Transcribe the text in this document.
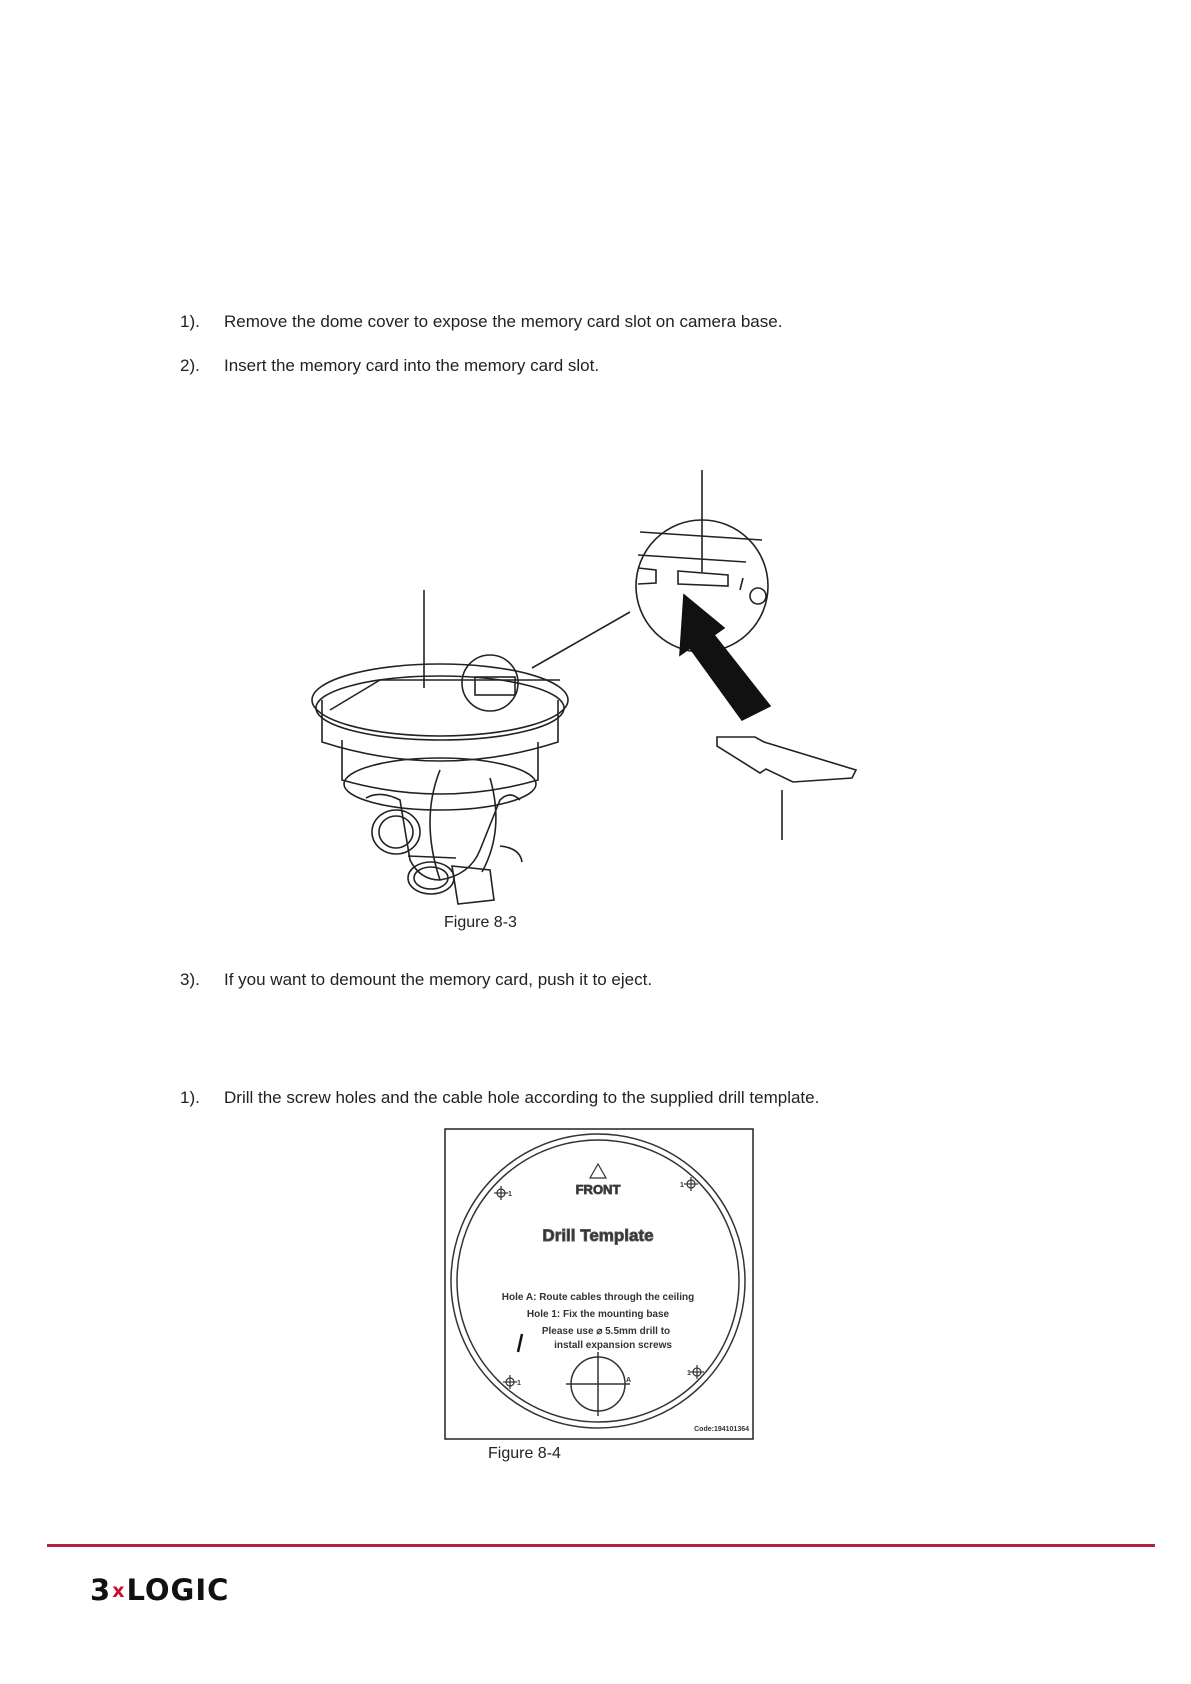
1). Remove the dome cover to expose the memory card slot on camera base.
2). Insert the memory card into the memory card slot.
3). If you want to demount the memory card, push it to eject.
1). Drill the screw holes and the cable hole according to the supplied drill template.
Figure 8-3
1
1
1
1
A
FRONT
Drill Template
Hole A: Route cables through the ceiling
Hole 1: Fix the mounting base
Please use ⌀ 5.5mm drill to
install expansion screws
Code:194101364
Figure 8-4
3xLOGIC
